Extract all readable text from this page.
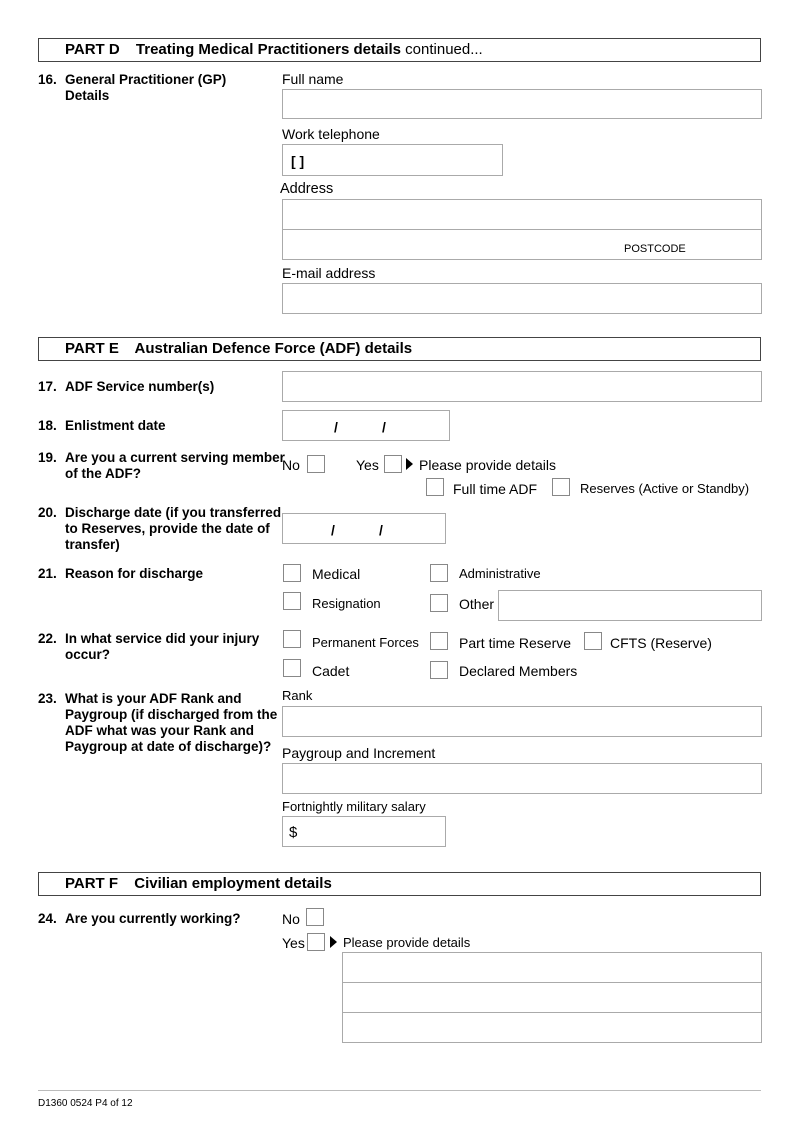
PART D Treating Medical Practitioners details continued...
16. General Practitioner (GP)
Details
Full name
Work telephone
[ ]
Address
POSTCODE
E-mail address
PART E Australian Defence Force (ADF) details
17. ADF Service number(s)
18. Enlistment date	/	/
19. Are you a current serving member
of the ADF?
No	Yes	Please provide details
Full time ADF	Reserves (Active or Standby)
20. Discharge date (if you transferred
to Reserves, provide the date of
transfer)
/	/
21. Reason for discharge	Medical	Administrative
Resignation	Other
22. In what service did your injury
occur?
Permanent Forces	Part time Reserve	CFTS (Reserve)
Cadet	Declared Members
23. What is your ADF Rank and
Paygroup (if discharged from the
ADF what was your Rank and
Paygroup at date of discharge)?
Rank
Paygroup and Increment
Fortnightly military salary
$
PART F Civilian employment details
24. Are you currently working?	No
Yes	Please provide details
D1360 0524 P4 of 12
